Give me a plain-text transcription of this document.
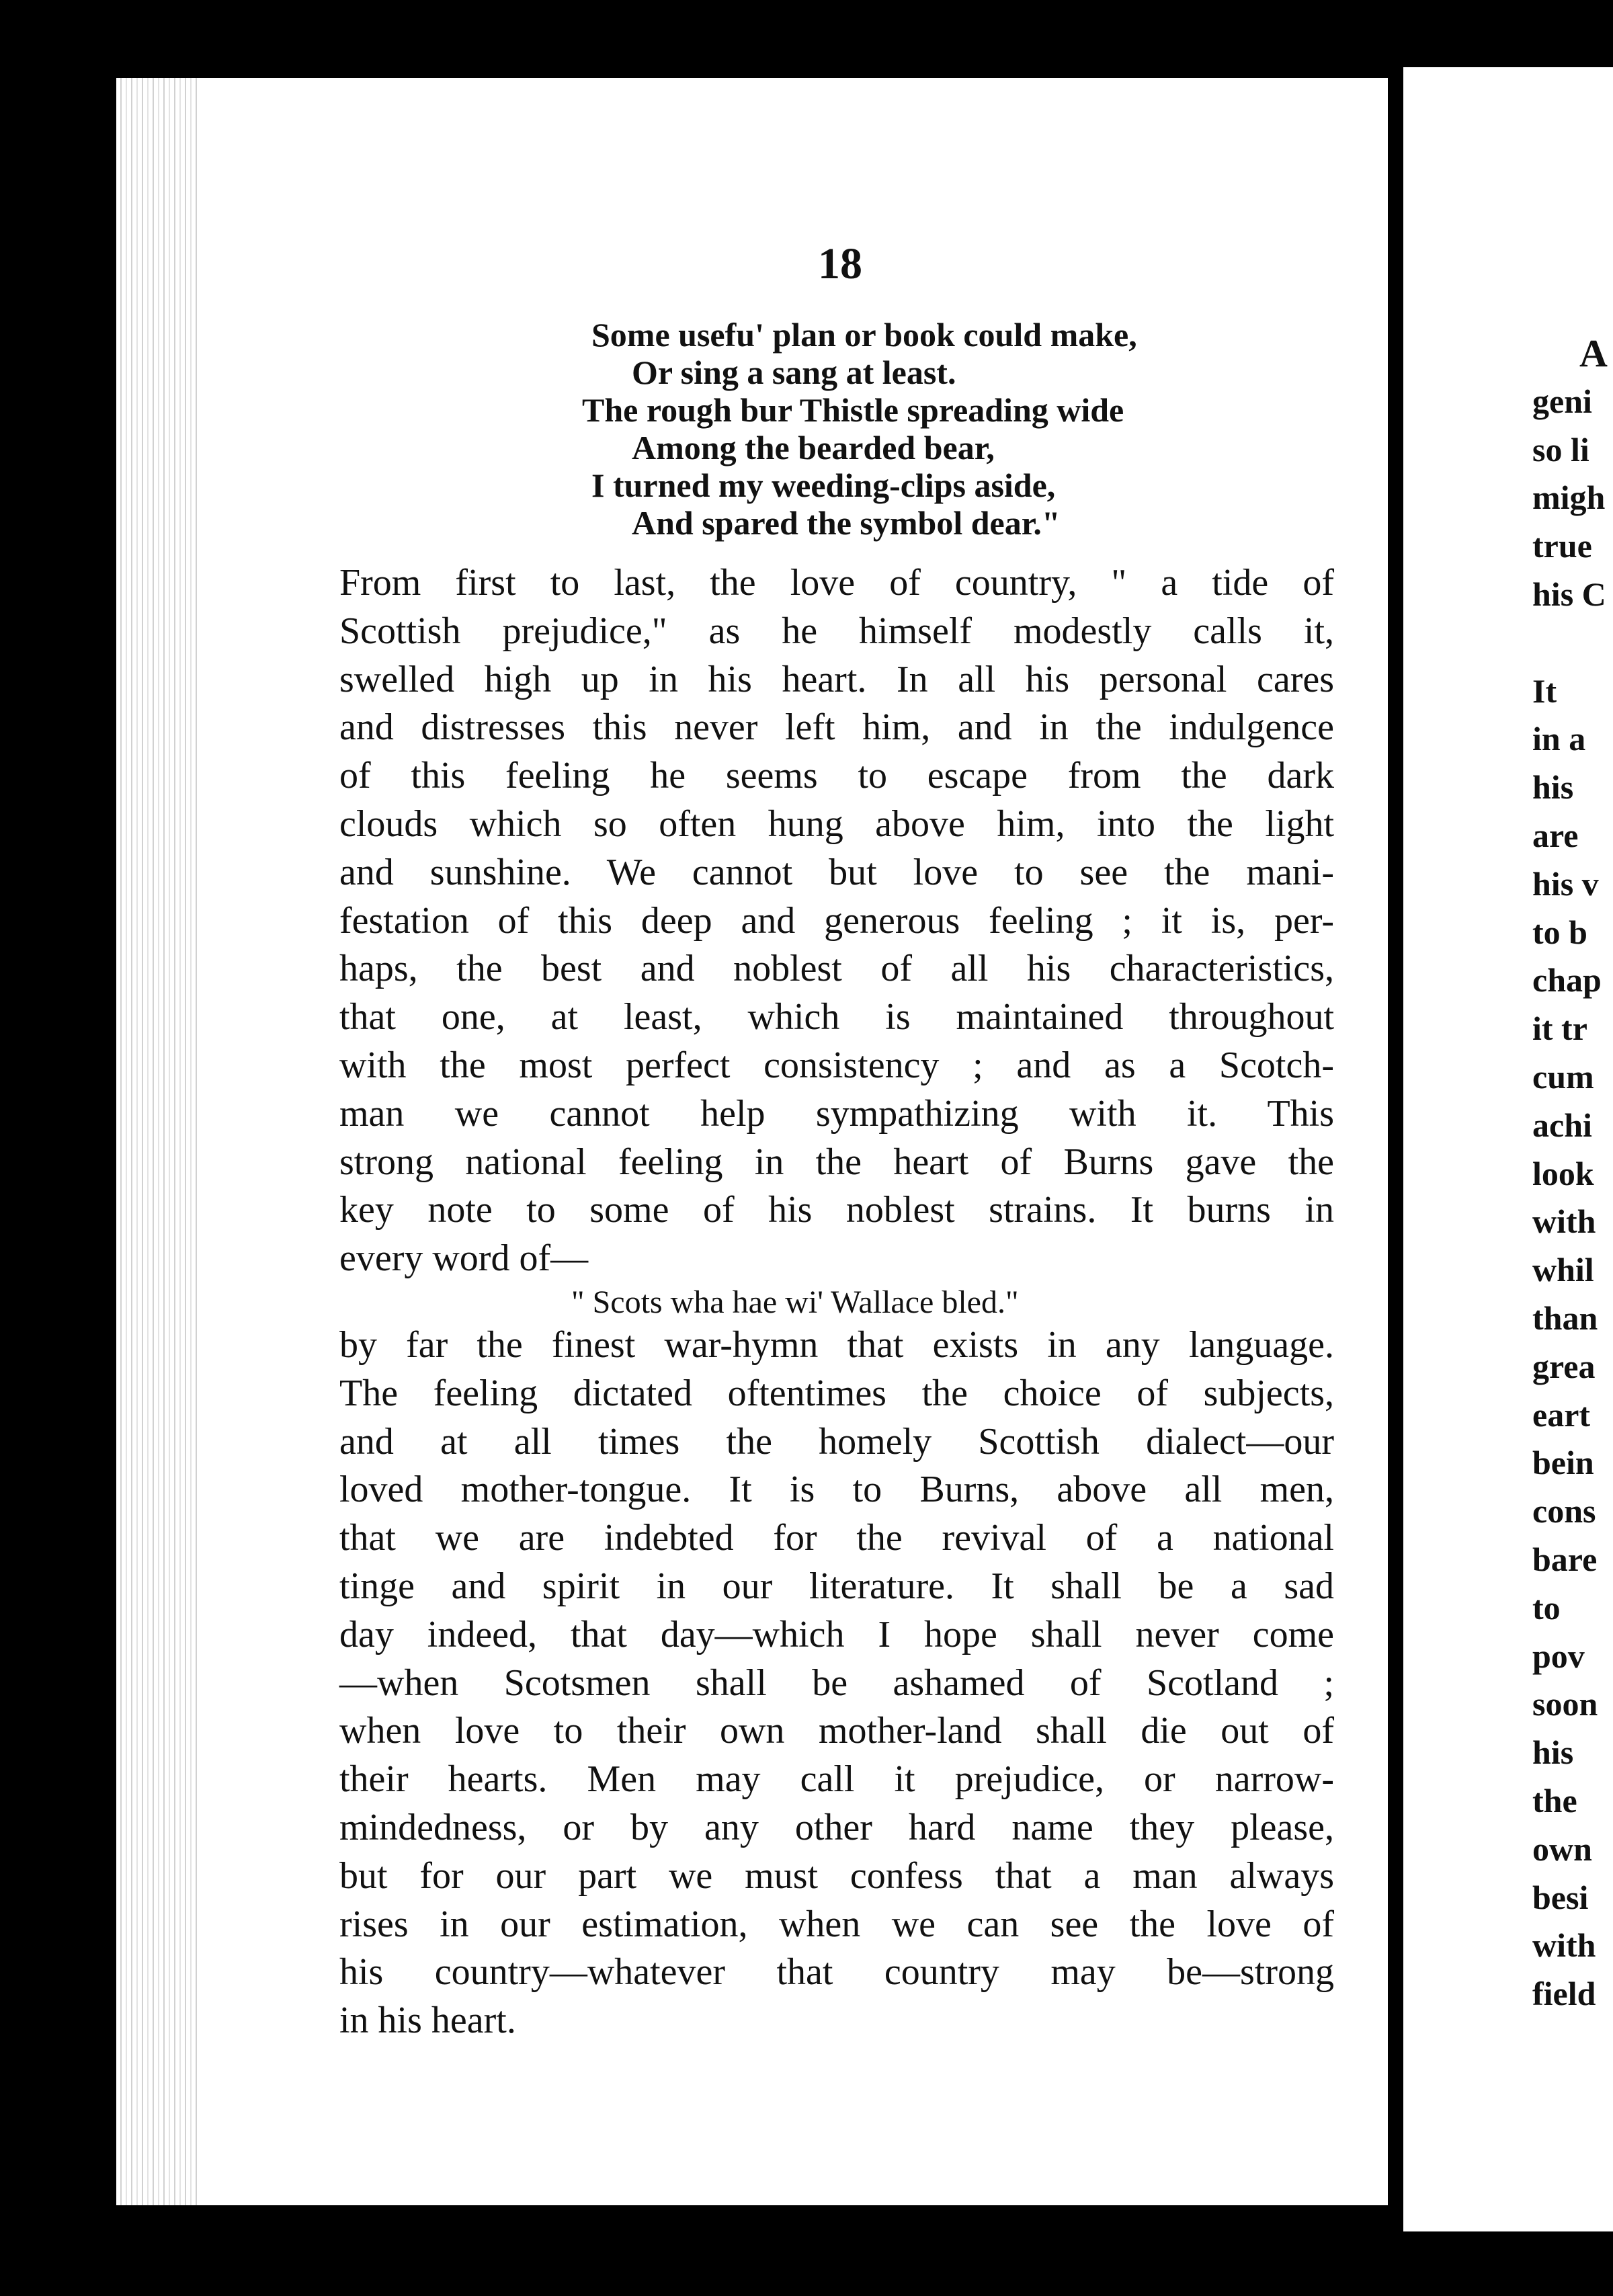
18
Some usefu' plan or book could make,
Or sing a sang at least.
The rough bur Thistle spreading wide
Among the bearded bear,
I turned my weeding-clips aside,
And spared the symbol dear."
From first to last, the love of country, " a tide of
Scottish prejudice," as he himself modestly calls it,
swelled high up in his heart. In all his personal cares
and distresses this never left him, and in the indulgence
of this feeling he seems to escape from the dark
clouds which so often hung above him, into the light
and sunshine. We cannot but love to see the mani-
festation of this deep and generous feeling ; it is, per-
haps, the best and noblest of all his characteristics,
that one, at least, which is maintained throughout
with the most perfect consistency ; and as a Scotch-
man we cannot help sympathizing with it. This
strong national feeling in the heart of Burns gave the
key note to some of his noblest strains. It burns in
every word of—
" Scots wha hae wi' Wallace bled."
by far the finest war-hymn that exists in any language.
The feeling dictated oftentimes the choice of subjects,
and at all times the homely Scottish dialect—our
loved mother-tongue. It is to Burns, above all men,
that we are indebted for the revival of a national
tinge and spirit in our literature. It shall be a sad
day indeed, that day—which I hope shall never come
—when Scotsmen shall be ashamed of Scotland ;
when love to their own mother-land shall die out of
their hearts. Men may call it prejudice, or narrow-
mindedness, or by any other hard name they please,
but for our part we must confess that a man always
rises in our estimation, when we can see the love of
his country—whatever that country may be—strong
in his heart.
A
geni
so li
migh
true
his C

It
in a
his
are
his v
to b
chap
it tr
cum
achi
look
with
whil
than
grea
eart
bein
cons
bare
to
pov
soon
his
the
own
besi
with
field
